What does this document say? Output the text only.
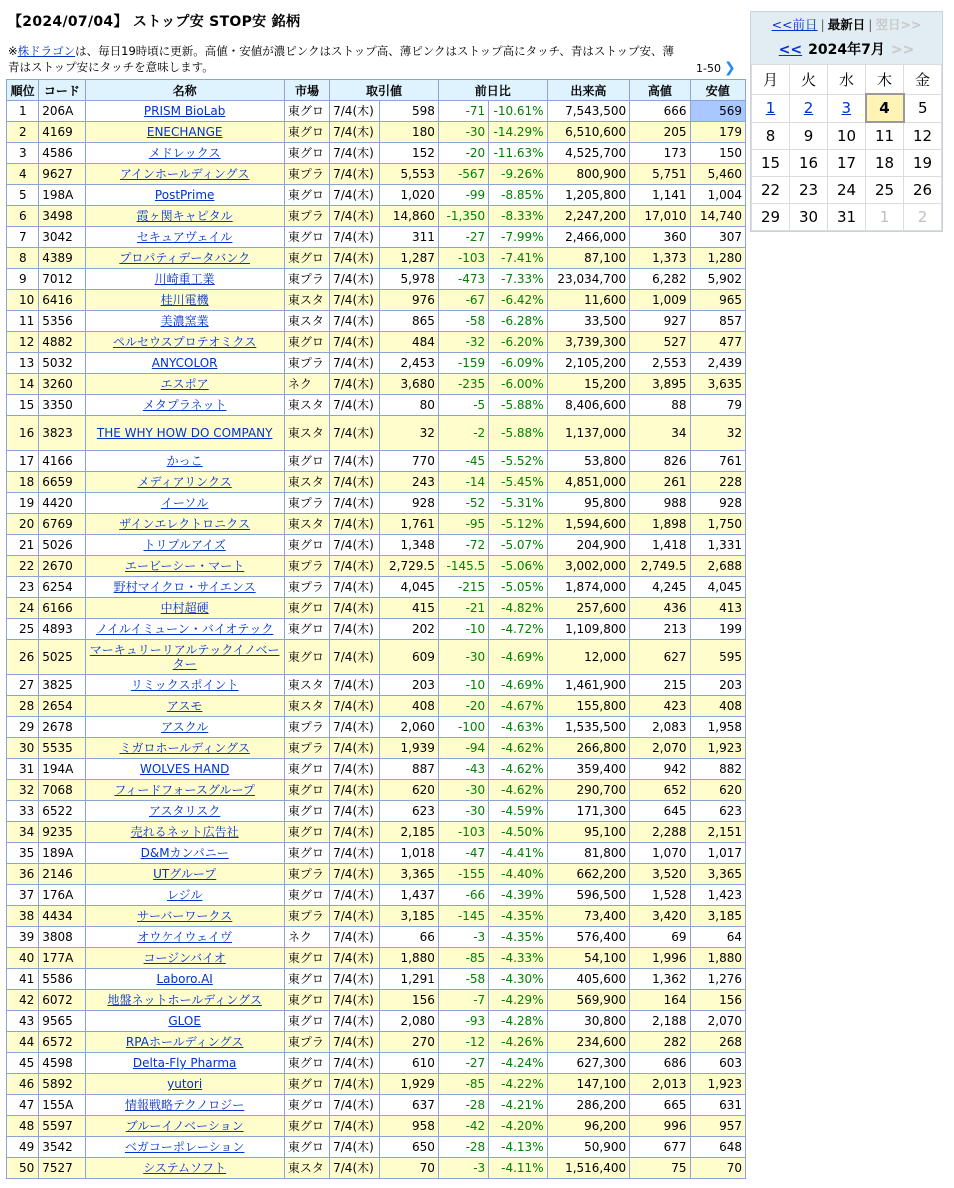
【2024/07/04】 ストップ安 STOP安 銘柄
※株ドラゴンは、毎日19時頃に更新。高値・安値が濃ピンクはストップ高、薄ピンクはストップ高にタッチ、青はストップ安、薄青はストップ安にタッチを意味します。	1-50 ❯
順位	コード	名称	市場	取引値		前日比		出来高	高値	安値
1	206A	PRISM BioLab	東グロ	7/4(木)	598	-71	-10.61%	7,543,500	666	569
2	4169	ENECHANGE	東グロ	7/4(木)	180	-30	-14.29%	6,510,600	205	179
3	4586	メドレックス	東グロ	7/4(木)	152	-20	-11.63%	4,525,700	173	150
4	9627	アインホールディングス	東プラ	7/4(木)	5,553	-567	-9.26%	800,900	5,751	5,460
5	198A	PostPrime	東グロ	7/4(木)	1,020	-99	-8.85%	1,205,800	1,141	1,004
6	3498	霞ヶ関キャピタル	東プラ	7/4(木)	14,860	-1,350	-8.33%	2,247,200	17,010	14,740
7	3042	セキュアヴェイル	東グロ	7/4(木)	311	-27	-7.99%	2,466,000	360	307
8	4389	プロパティデータバンク	東グロ	7/4(木)	1,287	-103	-7.41%	87,100	1,373	1,280
9	7012	川崎重工業	東プラ	7/4(木)	5,978	-473	-7.33%	23,034,700	6,282	5,902
10	6416	桂川電機	東スタ	7/4(木)	976	-67	-6.42%	11,600	1,009	965
11	5356	美濃窯業	東スタ	7/4(木)	865	-58	-6.28%	33,500	927	857
12	4882	ペルセウスプロテオミクス	東グロ	7/4(木)	484	-32	-6.20%	3,739,300	527	477
13	5032	ANYCOLOR	東プラ	7/4(木)	2,453	-159	-6.09%	2,105,200	2,553	2,439
14	3260	エスポア	ネク	7/4(木)	3,680	-235	-6.00%	15,200	3,895	3,635
15	3350	メタプラネット	東スタ	7/4(木)	80	-5	-5.88%	8,406,600	88	79
16	3823	THE WHY HOW DO COMPANY	東スタ	7/4(木)	32	-2	-5.88%	1,137,000	34	32
17	4166	かっこ	東グロ	7/4(木)	770	-45	-5.52%	53,800	826	761
18	6659	メディアリンクス	東スタ	7/4(木)	243	-14	-5.45%	4,851,000	261	228
19	4420	イーソル	東プラ	7/4(木)	928	-52	-5.31%	95,800	988	928
20	6769	ザインエレクトロニクス	東スタ	7/4(木)	1,761	-95	-5.12%	1,594,600	1,898	1,750
21	5026	トリプルアイズ	東グロ	7/4(木)	1,348	-72	-5.07%	204,900	1,418	1,331
22	2670	エービーシー・マート	東プラ	7/4(木)	2,729.5	-145.5	-5.06%	3,002,000	2,749.5	2,688
23	6254	野村マイクロ・サイエンス	東プラ	7/4(木)	4,045	-215	-5.05%	1,874,000	4,245	4,045
24	6166	中村超硬	東グロ	7/4(木)	415	-21	-4.82%	257,600	436	413
25	4893	ノイルイミューン・バイオテック	東グロ	7/4(木)	202	-10	-4.72%	1,109,800	213	199
26	5025	マーキュリーリアルテックイノベーター	東グロ	7/4(木)	609	-30	-4.69%	12,000	627	595
27	3825	リミックスポイント	東スタ	7/4(木)	203	-10	-4.69%	1,461,900	215	203
28	2654	アスモ	東スタ	7/4(木)	408	-20	-4.67%	155,800	423	408
29	2678	アスクル	東プラ	7/4(木)	2,060	-100	-4.63%	1,535,500	2,083	1,958
30	5535	ミガロホールディングス	東プラ	7/4(木)	1,939	-94	-4.62%	266,800	2,070	1,923
31	194A	WOLVES HAND	東グロ	7/4(木)	887	-43	-4.62%	359,400	942	882
32	7068	フィードフォースグループ	東グロ	7/4(木)	620	-30	-4.62%	290,700	652	620
33	6522	アスタリスク	東グロ	7/4(木)	623	-30	-4.59%	171,300	645	623
34	9235	売れるネット広告社	東グロ	7/4(木)	2,185	-103	-4.50%	95,100	2,288	2,151
35	189A	D&Mカンパニー	東グロ	7/4(木)	1,018	-47	-4.41%	81,800	1,070	1,017
36	2146	UTグループ	東プラ	7/4(木)	3,365	-155	-4.40%	662,200	3,520	3,365
37	176A	レジル	東グロ	7/4(木)	1,437	-66	-4.39%	596,500	1,528	1,423
38	4434	サーバーワークス	東プラ	7/4(木)	3,185	-145	-4.35%	73,400	3,420	3,185
39	3808	オウケイウェイヴ	ネク	7/4(木)	66	-3	-4.35%	576,400	69	64
40	177A	コージンバイオ	東グロ	7/4(木)	1,880	-85	-4.33%	54,100	1,996	1,880
41	5586	Laboro.AI	東グロ	7/4(木)	1,291	-58	-4.30%	405,600	1,362	1,276
42	6072	地盤ネットホールディングス	東グロ	7/4(木)	156	-7	-4.29%	569,900	164	156
43	9565	GLOE	東グロ	7/4(木)	2,080	-93	-4.28%	30,800	2,188	2,070
44	6572	RPAホールディングス	東プラ	7/4(木)	270	-12	-4.26%	234,600	282	268
45	4598	Delta-Fly Pharma	東グロ	7/4(木)	610	-27	-4.24%	627,300	686	603
46	5892	yutori	東グロ	7/4(木)	1,929	-85	-4.22%	147,100	2,013	1,923
47	155A	情報戦略テクノロジー	東グロ	7/4(木)	637	-28	-4.21%	286,200	665	631
48	5597	ブルーイノベーション	東グロ	7/4(木)	958	-42	-4.20%	96,200	996	957
49	3542	ベガコーポレーション	東グロ	7/4(木)	650	-28	-4.13%	50,900	677	648
50	7527	システムソフト	東スタ	7/4(木)	70	-3	-4.11%	1,516,400	75	70
<<前日 | 最新日 | 翌日>>
<< 2024年7月 >>
月	火	水	木	金
1	2	3	4	5
8	9	10	11	12
15	16	17	18	19
22	23	24	25	26
29	30	31	1	2
